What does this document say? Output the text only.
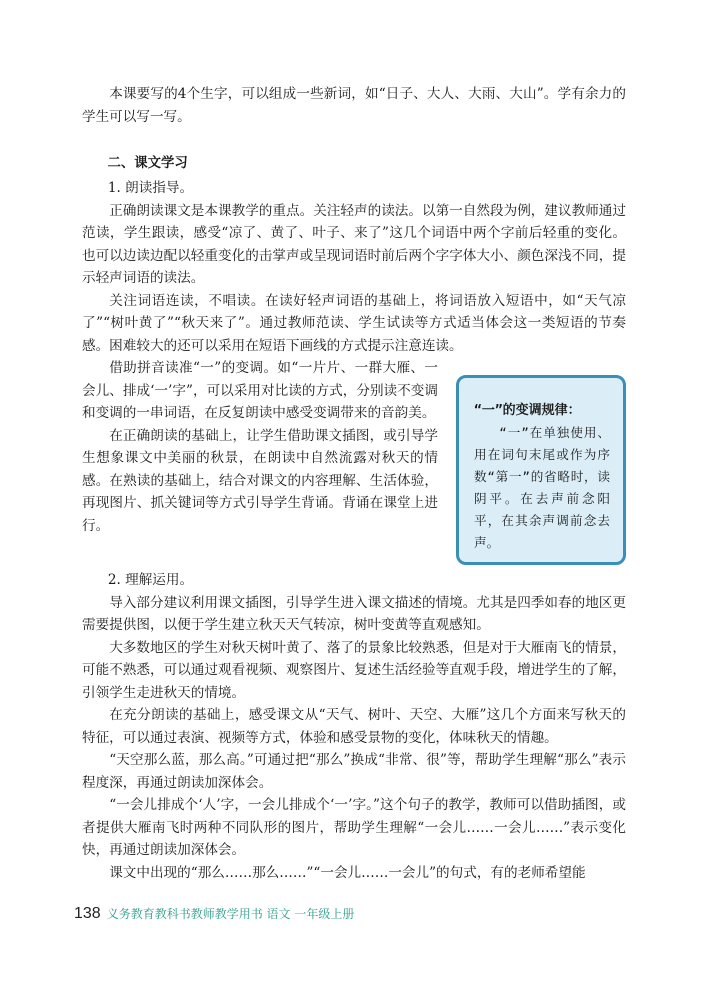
本课要写的4个生字，可以组成一些新词，如“日子、大人、大雨、大山”。学有余力的学生可以写一写。

二、课文学习

1. 朗读指导。

正确朗读课文是本课教学的重点。关注轻声的读法。以第一自然段为例，建议教师通过范读，学生跟读，感受“凉了、黄了、叶子、来了”这几个词语中两个字前后轻重的变化。也可以边读边配以轻重变化的击掌声或呈现词语时前后两个字字体大小、颜色深浅不同，提示轻声词语的读法。

关注词语连读，不唱读。在读好轻声词语的基础上，将词语放入短语中，如“天气凉了”“树叶黄了”“秋天来了”。通过教师范读、学生试读等方式适当体会这一类短语的节奏感。困难较大的还可以采用在短语下画线的方式提示注意连读。

借助拼音读准“一”的变调。如“一片片、一群大雁、一会儿、排成‘一’字”，可以采用对比读的方式，分别读不变调和变调的一串词语，在反复朗读中感受变调带来的音韵美。

在正确朗读的基础上，让学生借助课文插图，或引导学生想象课文中美丽的秋景，在朗读中自然流露对秋天的情感。在熟读的基础上，结合对课文的内容理解、生活体验，再现图片、抓关键词等方式引导学生背诵。背诵在课堂上进行。

“一”的变调规律：

“一”在单独使用、用在词句末尾或作为序数“第一”的省略时，读阴平。在去声前念阳平，在其余声调前念去声。

2. 理解运用。

导入部分建议利用课文插图，引导学生进入课文描述的情境。尤其是四季如春的地区更需要提供图，以便于学生建立秋天天气转凉，树叶变黄等直观感知。

大多数地区的学生对秋天树叶黄了、落了的景象比较熟悉，但是对于大雁南飞的情景，可能不熟悉，可以通过观看视频、观察图片、复述生活经验等直观手段，增进学生的了解，引领学生走进秋天的情境。

在充分朗读的基础上，感受课文从“天气、树叶、天空、大雁”这几个方面来写秋天的特征，可以通过表演、视频等方式，体验和感受景物的变化，体味秋天的情趣。

“天空那么蓝，那么高。”可通过把“那么”换成“非常、很”等，帮助学生理解“那么”表示程度深，再通过朗读加深体会。

“一会儿排成个‘人’字，一会儿排成个‘一’字。”这个句子的教学，教师可以借助插图，或者提供大雁南飞时两种不同队形的图片，帮助学生理解“一会儿……一会儿……”表示变化快，再通过朗读加深体会。

课文中出现的“那么……那么……”“一会儿……一会儿”的句式，有的老师希望能

138 义务教育教科书教师教学用书 语文 一年级上册
